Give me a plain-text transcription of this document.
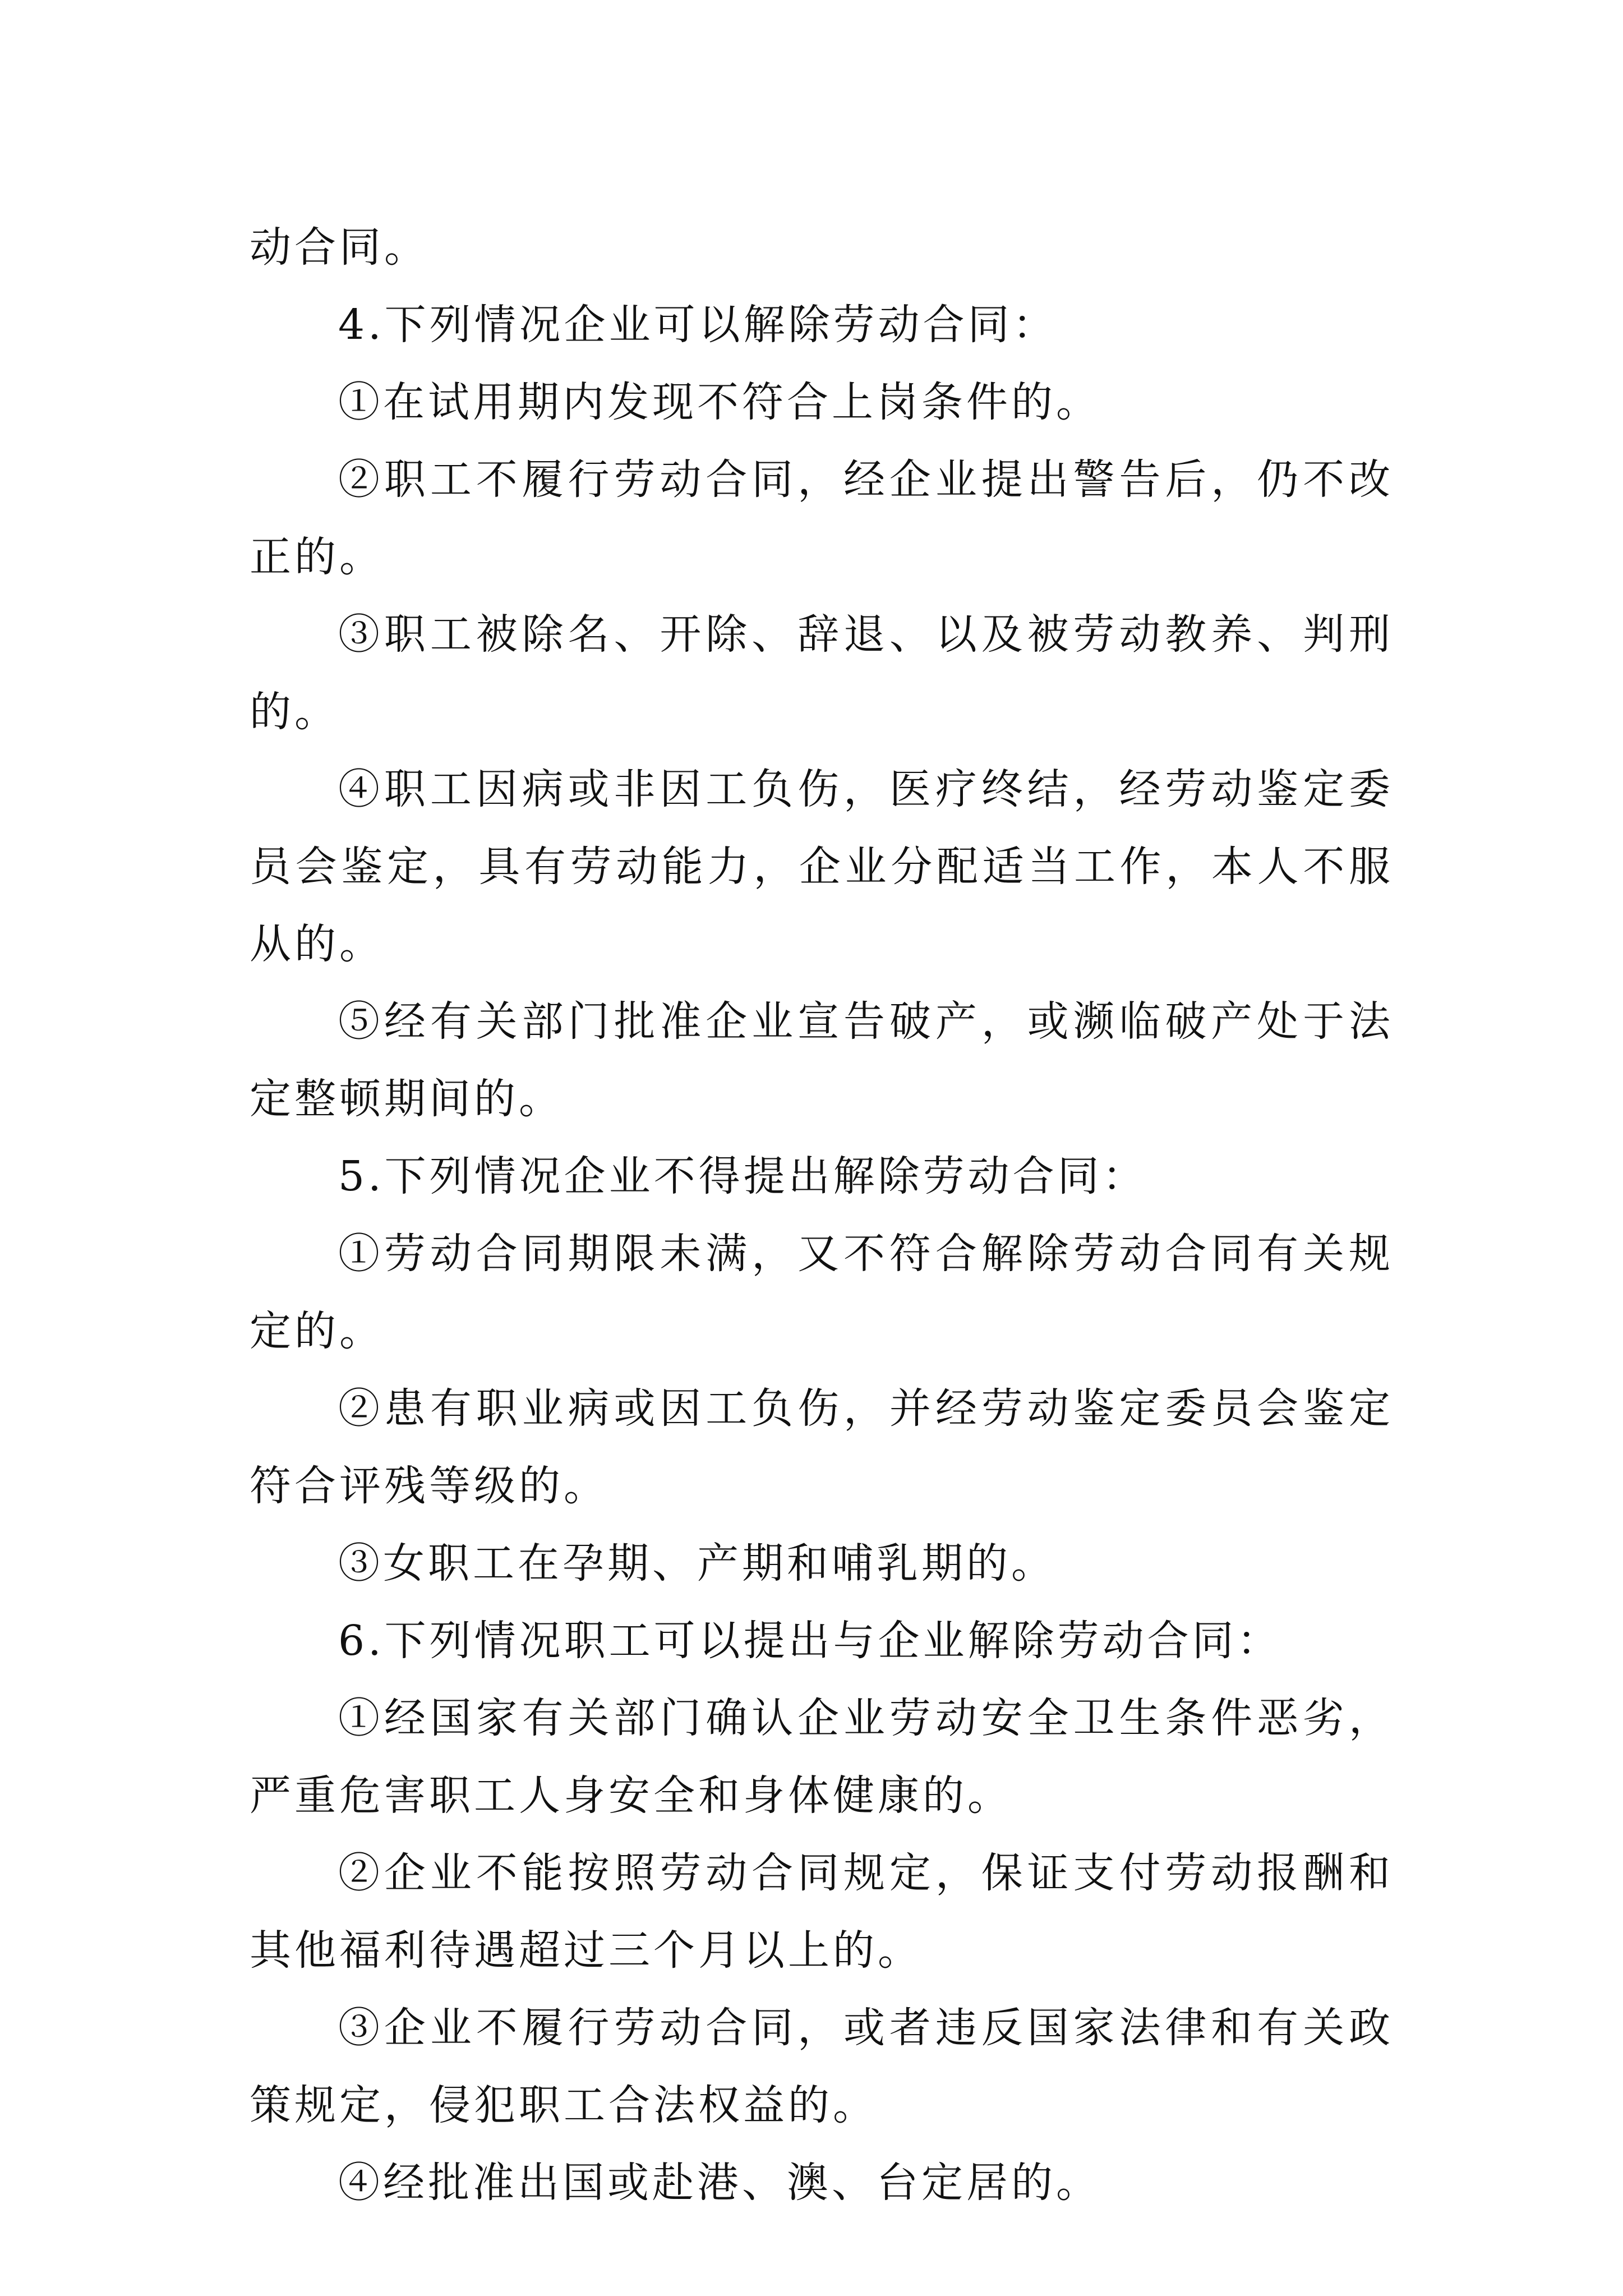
动合同。

4.下列情况企业可以解除劳动合同：

①在试用期内发现不符合上岗条件的。

②职工不履行劳动合同，经企业提出警告后，仍不改正的。

③职工被除名、开除、辞退、以及被劳动教养、判刑的。

④职工因病或非因工负伤，医疗终结，经劳动鉴定委员会鉴定，具有劳动能力，企业分配适当工作，本人不服从的。

⑤经有关部门批准企业宣告破产，或濒临破产处于法定整顿期间的。

5.下列情况企业不得提出解除劳动合同：

①劳动合同期限未满，又不符合解除劳动合同有关规定的。

②患有职业病或因工负伤，并经劳动鉴定委员会鉴定符合评残等级的。

③女职工在孕期、产期和哺乳期的。

6.下列情况职工可以提出与企业解除劳动合同：

①经国家有关部门确认企业劳动安全卫生条件恶劣，严重危害职工人身安全和身体健康的。

②企业不能按照劳动合同规定，保证支付劳动报酬和其他福利待遇超过三个月以上的。

③企业不履行劳动合同，或者违反国家法律和有关政策规定，侵犯职工合法权益的。

④经批准出国或赴港、澳、台定居的。
